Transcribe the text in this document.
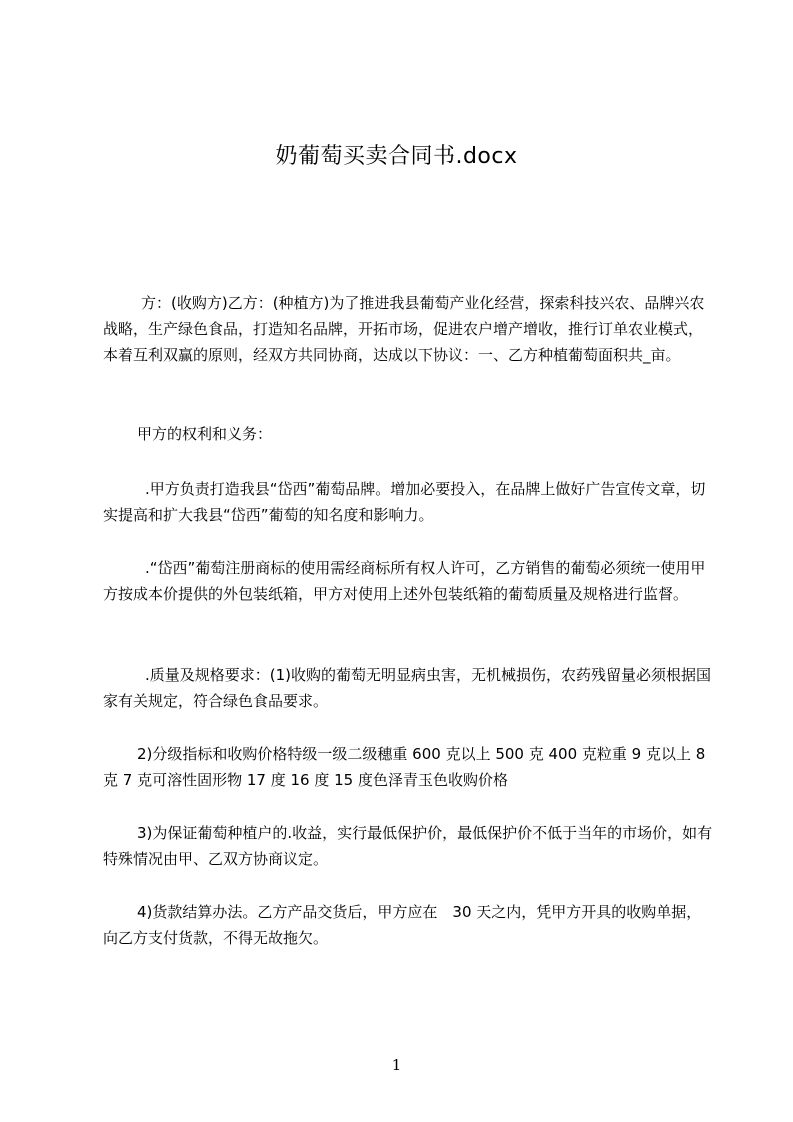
奶葡萄买卖合同书.docx

方：(收购方)乙方：(种植方)为了推进我县葡萄产业化经营，探索科技兴农、品牌兴农战略，生产绿色食品，打造知名品牌，开拓市场，促进农户增产增收，推行订单农业模式，本着互利双赢的原则，经双方共同协商，达成以下协议：一、乙方种植葡萄面积共_亩。

甲方的权利和义务：

.甲方负责打造我县“岱西”葡萄品牌。增加必要投入，在品牌上做好广告宣传文章，切实提高和扩大我县“岱西”葡萄的知名度和影响力。

.“岱西”葡萄注册商标的使用需经商标所有权人许可，乙方销售的葡萄必须统一使用甲方按成本价提供的外包装纸箱，甲方对使用上述外包装纸箱的葡萄质量及规格进行监督。

.质量及规格要求：(1)收购的葡萄无明显病虫害，无机械损伤，农药残留量必须根据国家有关规定，符合绿色食品要求。

2)分级指标和收购价格特级一级二级穗重 600 克以上 500 克 400 克粒重 9 克以上 8 克 7 克可溶性固形物 17 度 16 度 15 度色泽青玉色收购价格

3)为保证葡萄种植户的.收益，实行最低保护价，最低保护价不低于当年的市场价，如有特殊情况由甲、乙双方协商议定。

4)货款结算办法。乙方产品交货后，甲方应在　30 天之内，凭甲方开具的收购单据，向乙方支付货款，不得无故拖欠。

1
